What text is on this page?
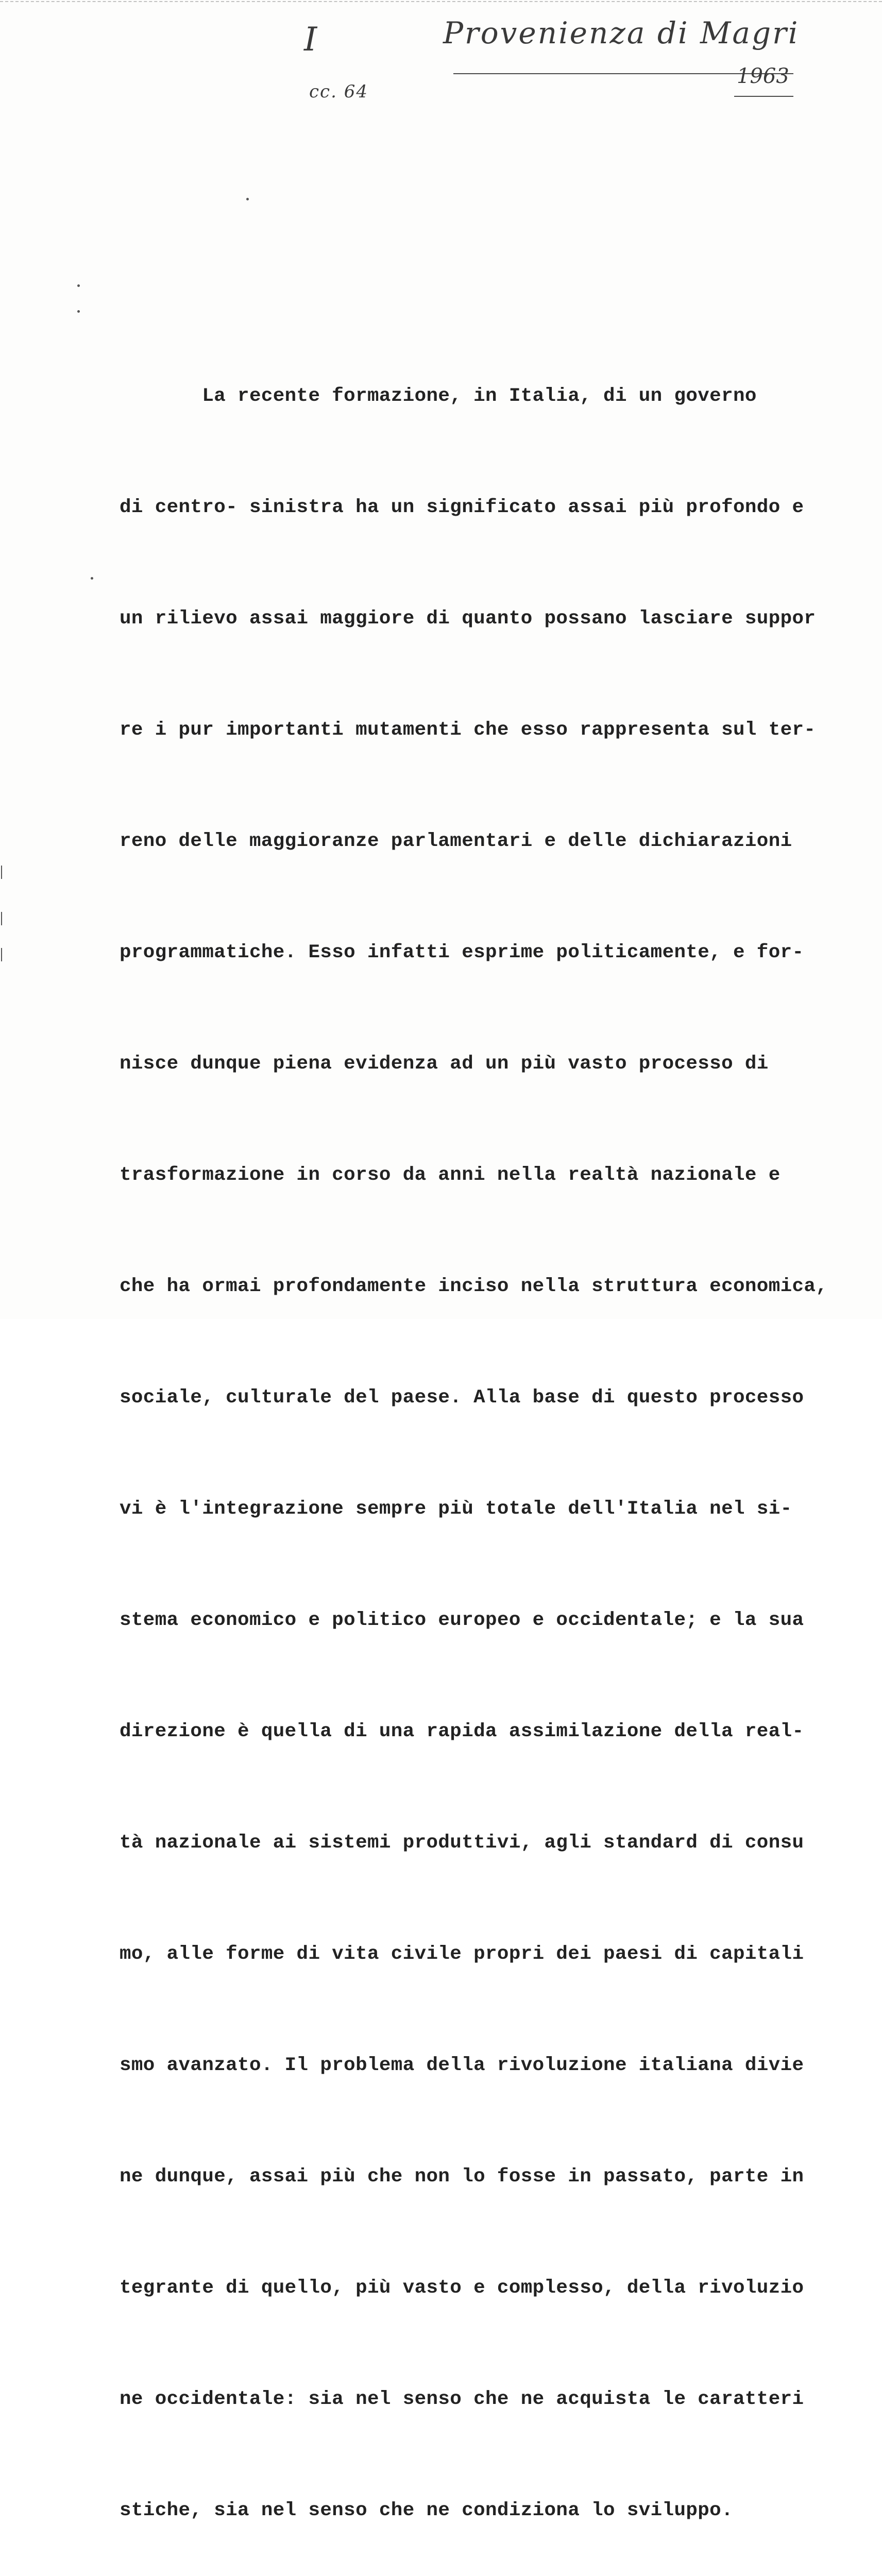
I
cc. 64
Provenienza di Magri
1963

La recente formazione, in Italia, di un governo

di centro- sinistra ha un significato assai più profondo e

un rilievo assai maggiore di quanto possano lasciare suppor

re i pur importanti mutamenti che esso rappresenta sul ter-

reno delle maggioranze parlamentari e delle dichiarazioni

programmatiche. Esso infatti esprime politicamente, e for-

nisce dunque piena evidenza ad un più vasto processo di

trasformazione in corso da anni nella realtà nazionale e

che ha ormai profondamente inciso nella struttura economica,

sociale, culturale del paese. Alla base di questo processo

vi è l'integrazione sempre più totale dell'Italia nel si-

stema economico e politico europeo e occidentale; e la sua

direzione è quella di una rapida assimilazione della real-

tà nazionale ai sistemi produttivi, agli standard di consu

mo, alle forme di vita civile propri dei paesi di capitali

smo avanzato. Il problema della rivoluzione italiana divie

ne dunque, assai più che non lo fosse in passato, parte in

tegrante di quello, più vasto e complesso, della rivoluzio

ne occidentale: sia nel senso che ne acquista le caratteri

stiche, sia nel senso che ne condiziona lo sviluppo.
